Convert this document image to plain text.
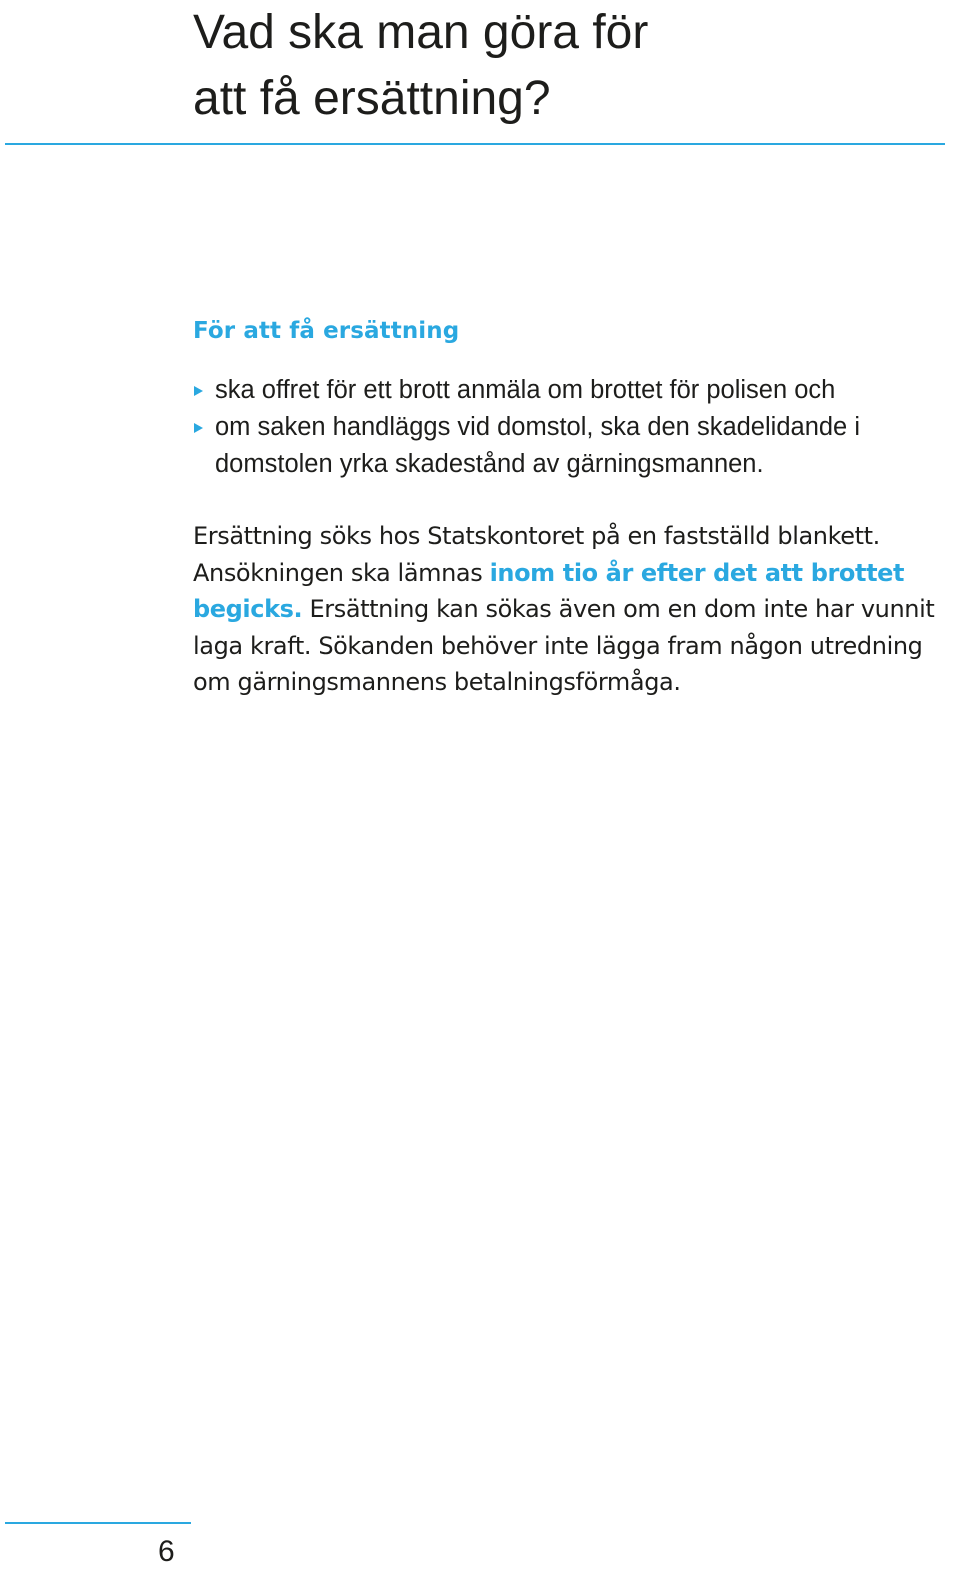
Vad ska man göra för
att få ersättning?
För att få ersättning
ska offret för ett brott anmäla om brottet för polisen och
om saken handläggs vid domstol, ska den skadelidande i domstolen yrka skadestånd av gärningsmannen.

Ersättning söks hos Statskontoret på en fastställd blankett. Ansökningen ska lämnas inom tio år efter det att brottet begicks. Ersättning kan sökas även om en dom inte har vunnit laga kraft. Sökanden behöver inte lägga fram någon utredning om gärningsmannens betalningsförmåga.

6
